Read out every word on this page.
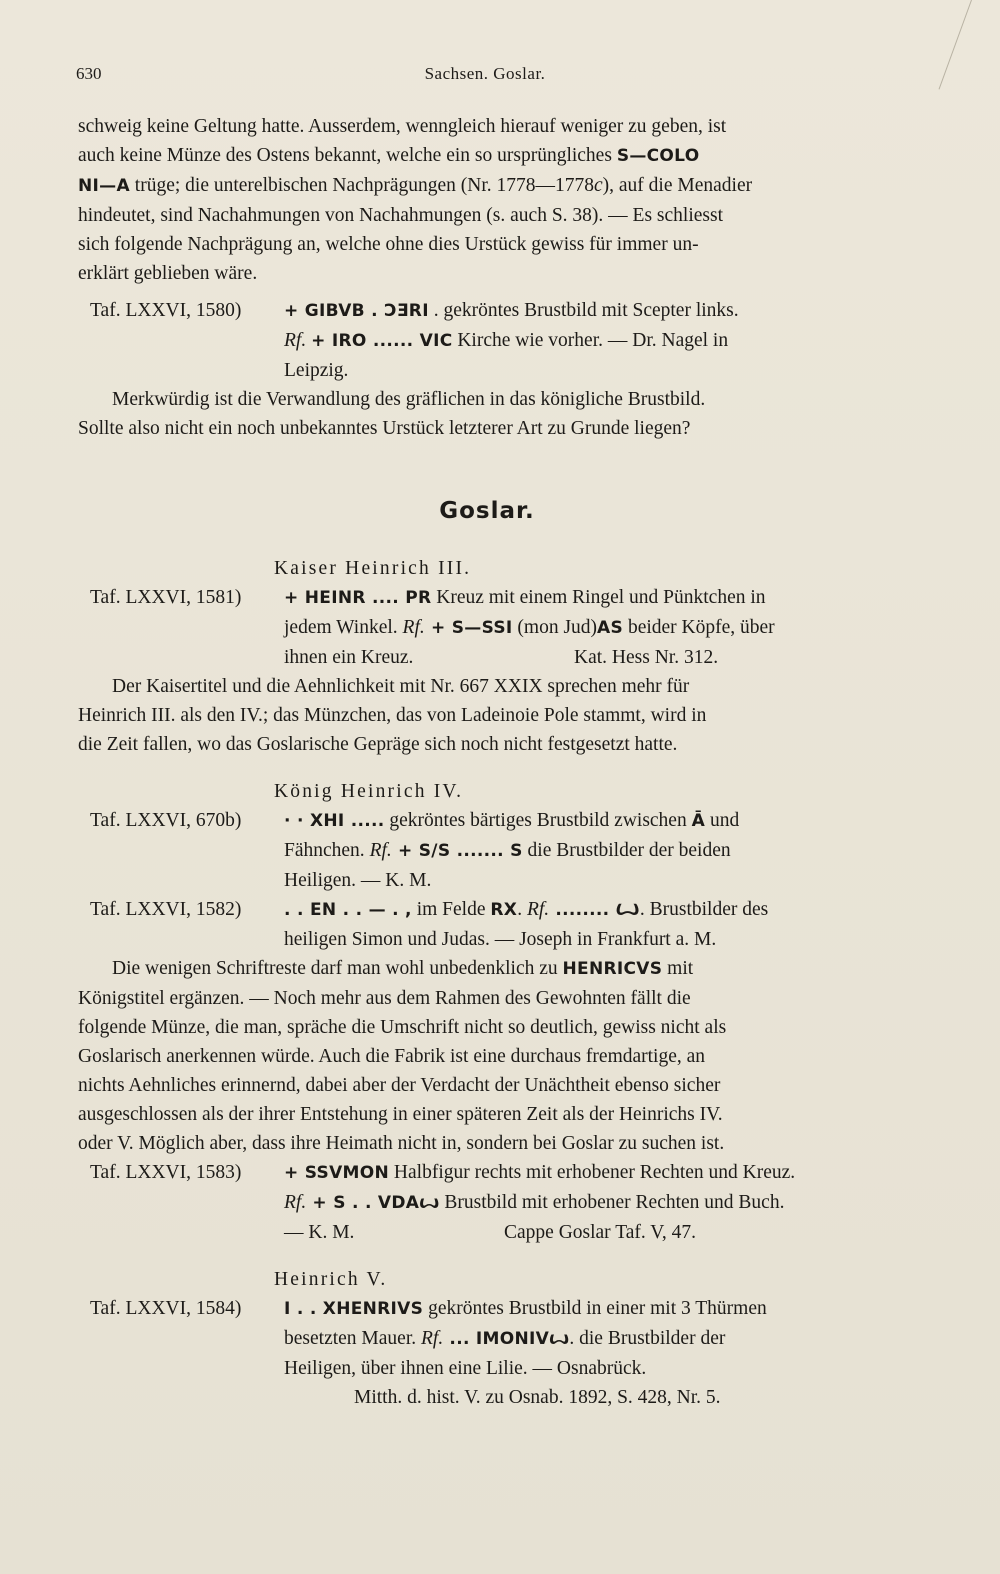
630	Sachsen. Goslar.

schweig keine Geltung hatte. Ausserdem, wenngleich hierauf weniger zu geben, ist

auch keine Münze des Ostens bekannt, welche ein so ursprüngliches S—COLO

NI—A trüge; die unterelbischen Nachprägungen (Nr. 1778—1778c), auf die Menadier

hindeutet, sind Nachahmungen von Nachahmungen (s. auch S. 38). — Es schliesst

sich folgende Nachprägung an, welche ohne dies Urstück gewiss für immer un-

erklärt geblieben wäre.

Taf. LXXVI, 1580)	+ GIBVB . ƆƎRI . gekröntes Brustbild mit Scepter links.

Rf. + IRO ...... VIC Kirche wie vorher. — Dr. Nagel in

Leipzig.

Merkwürdig ist die Verwandlung des gräflichen in das königliche Brustbild.

Sollte also nicht ein noch unbekanntes Urstück letzterer Art zu Grunde liegen?

Goslar.

Kaiser Heinrich III.

Taf. LXXVI, 1581)	+ HEINR .... PR Kreuz mit einem Ringel und Pünktchen in

jedem Winkel. Rf. + S—SSI (mon Jud)AS beider Köpfe, über

ihnen ein Kreuz.	Kat. Hess Nr. 312.

Der Kaisertitel und die Aehnlichkeit mit Nr. 667 XXIX sprechen mehr für

Heinrich III. als den IV.; das Münzchen, das von Ladeinoie Pole stammt, wird in

die Zeit fallen, wo das Goslarische Gepräge sich noch nicht festgesetzt hatte.

König Heinrich IV.

Taf. LXXVI, 670b)	· · XHI ..... gekröntes bärtiges Brustbild zwischen Ā und

Fähnchen. Rf. + S/S ....... S die Brustbilder der beiden

Heiligen. — K. M.

Taf. LXXVI, 1582)	. . EN . . — . , im Felde RX. Rf. ........ Ꙍ. Brustbilder des

heiligen Simon und Judas. — Joseph in Frankfurt a. M.

Die wenigen Schriftreste darf man wohl unbedenklich zu HENRICVS mit

Königstitel ergänzen. — Noch mehr aus dem Rahmen des Gewohnten fällt die

folgende Münze, die man, spräche die Umschrift nicht so deutlich, gewiss nicht als

Goslarisch anerkennen würde. Auch die Fabrik ist eine durchaus fremdartige, an

nichts Aehnliches erinnernd, dabei aber der Verdacht der Unächtheit ebenso sicher

ausgeschlossen als der ihrer Entstehung in einer späteren Zeit als der Heinrichs IV.

oder V. Möglich aber, dass ihre Heimath nicht in, sondern bei Goslar zu suchen ist.

Taf. LXXVI, 1583)	+ SSVMON Halbfigur rechts mit erhobener Rechten und Kreuz.

Rf. + S . . VDAꙍ Brustbild mit erhobener Rechten und Buch.

— K. M.	Cappe Goslar Taf. V, 47.

Heinrich V.

Taf. LXXVI, 1584)	I . . XHENRIVS gekröntes Brustbild in einer mit 3 Thürmen

besetzten Mauer. Rf. ... IMONIVꙍ. die Brustbilder der

Heiligen, über ihnen eine Lilie. — Osnabrück.

Mitth. d. hist. V. zu Osnab. 1892, S. 428, Nr. 5.
